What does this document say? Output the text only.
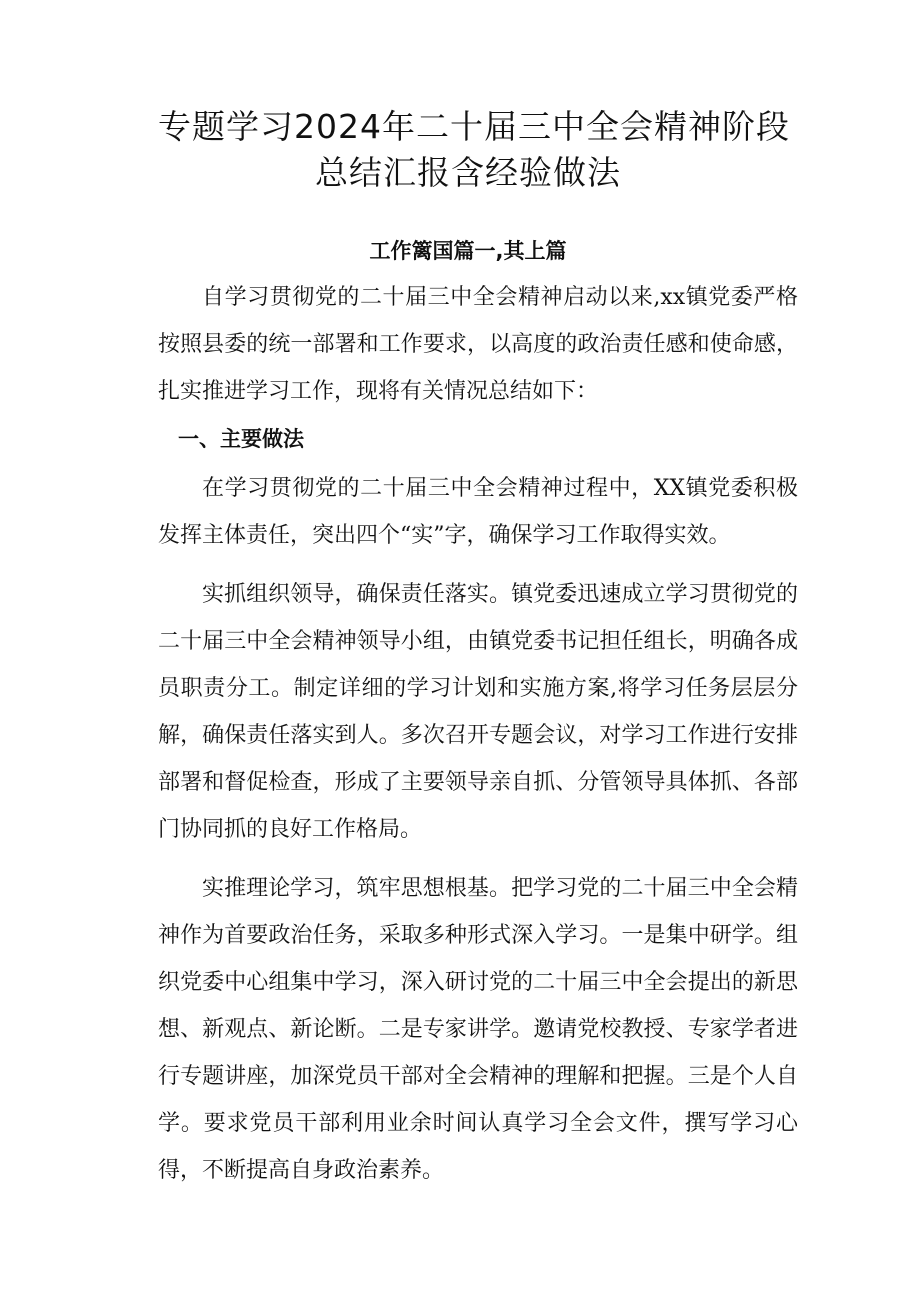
专题学习2024年二十届三中全会精神阶段
总结汇报含经验做法
工作篱国篇一,其上篇

自学习贯彻党的二十届三中全会精神启动以来,xx镇党委严格按照县委的统一部署和工作要求，以高度的政治责任感和使命感，扎实推进学习工作，现将有关情况总结如下：

一、主要做法

在学习贯彻党的二十届三中全会精神过程中，XX镇党委积极发挥主体责任，突出四个“实”字，确保学习工作取得实效。

实抓组织领导，确保责任落实。镇党委迅速成立学习贯彻党的二十届三中全会精神领导小组，由镇党委书记担任组长，明确各成员职责分工。制定详细的学习计划和实施方案,将学习任务层层分解，确保责任落实到人。多次召开专题会议，对学习工作进行安排部署和督促检查，形成了主要领导亲自抓、分管领导具体抓、各部门协同抓的良好工作格局。

实推理论学习，筑牢思想根基。把学习党的二十届三中全会精神作为首要政治任务，采取多种形式深入学习。一是集中研学。组织党委中心组集中学习，深入研讨党的二十届三中全会提出的新思想、新观点、新论断。二是专家讲学。邀请党校教授、专家学者进行专题讲座，加深党员干部对全会精神的理解和把握。三是个人自学。要求党员干部利用业余时间认真学习全会文件，撰写学习心得，不断提高自身政治素养。
